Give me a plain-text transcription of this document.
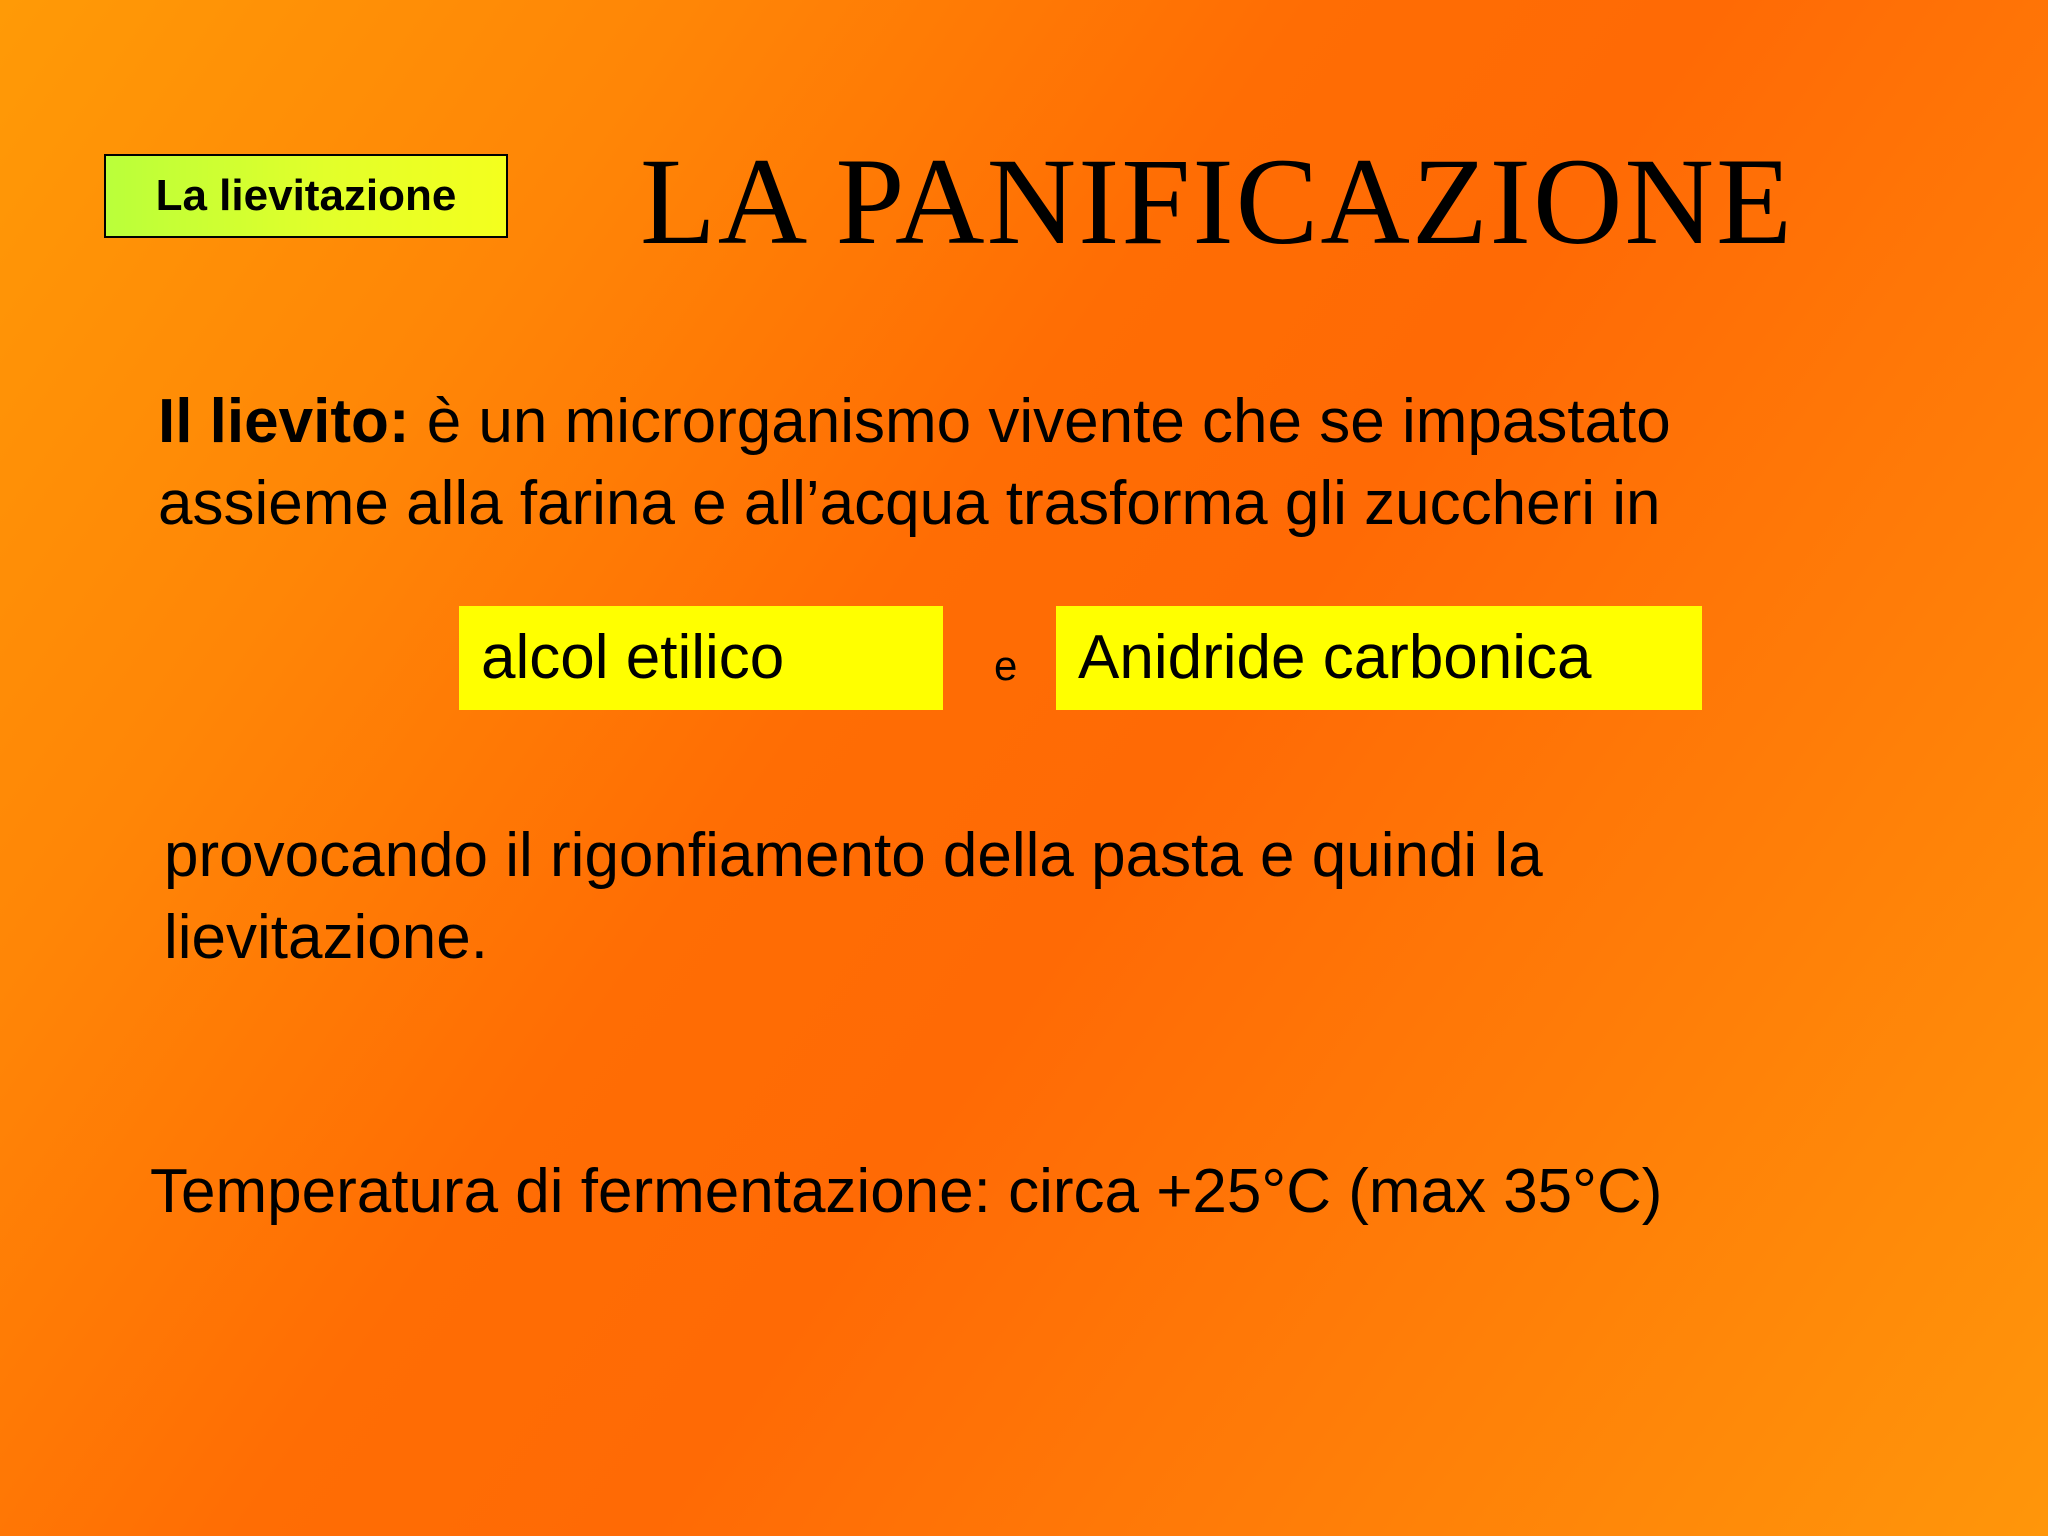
La lievitazione LA PANIFICAZIONE
Il lievito: è un microrganismo vivente che se impastato
assieme alla farina e all’acqua trasforma gli zuccheri in
alcol etilico	e Anidride carbonica
provocando il rigonfiamento della pasta e quindi la
lievitazione.
Temperatura di fermentazione: circa +25°C (max 35°C)
